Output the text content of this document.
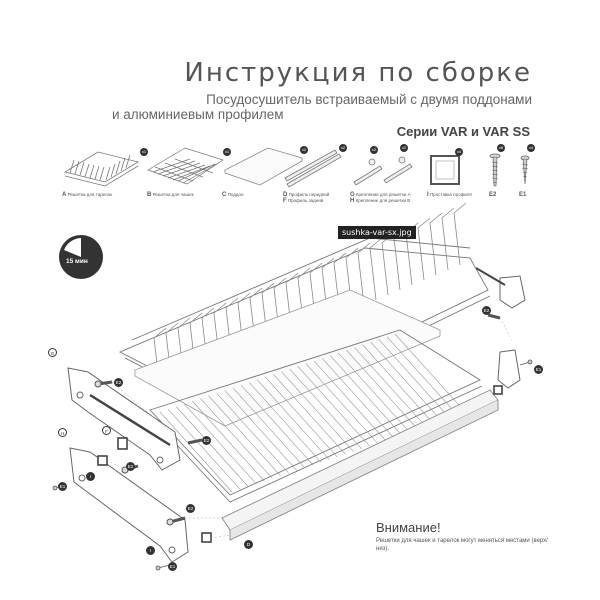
Инструкция по сборке
Посудосушитель встраиваемый с двумя поддонами
и алюминиевым профилем
Серии VAR и VAR SS
x1
A Решетка для тарелок
x1
B Решетка для чашек
x2
C Поддон
x2
D Профиль передний
F Профиль задний
x2	x2
G Крепление для решетки A
H Крепление для решетки B
x4
I Проставка профиля
x8
E2
x4
E1
15 мин
G
E2
E2
F
E2
H
I
E1
E2
D
I
E1
E1
E2
sushka-var-sx.jpg
Внимание!
Решетки для чашек и тарелок могут меняться местами (верх/низ).
